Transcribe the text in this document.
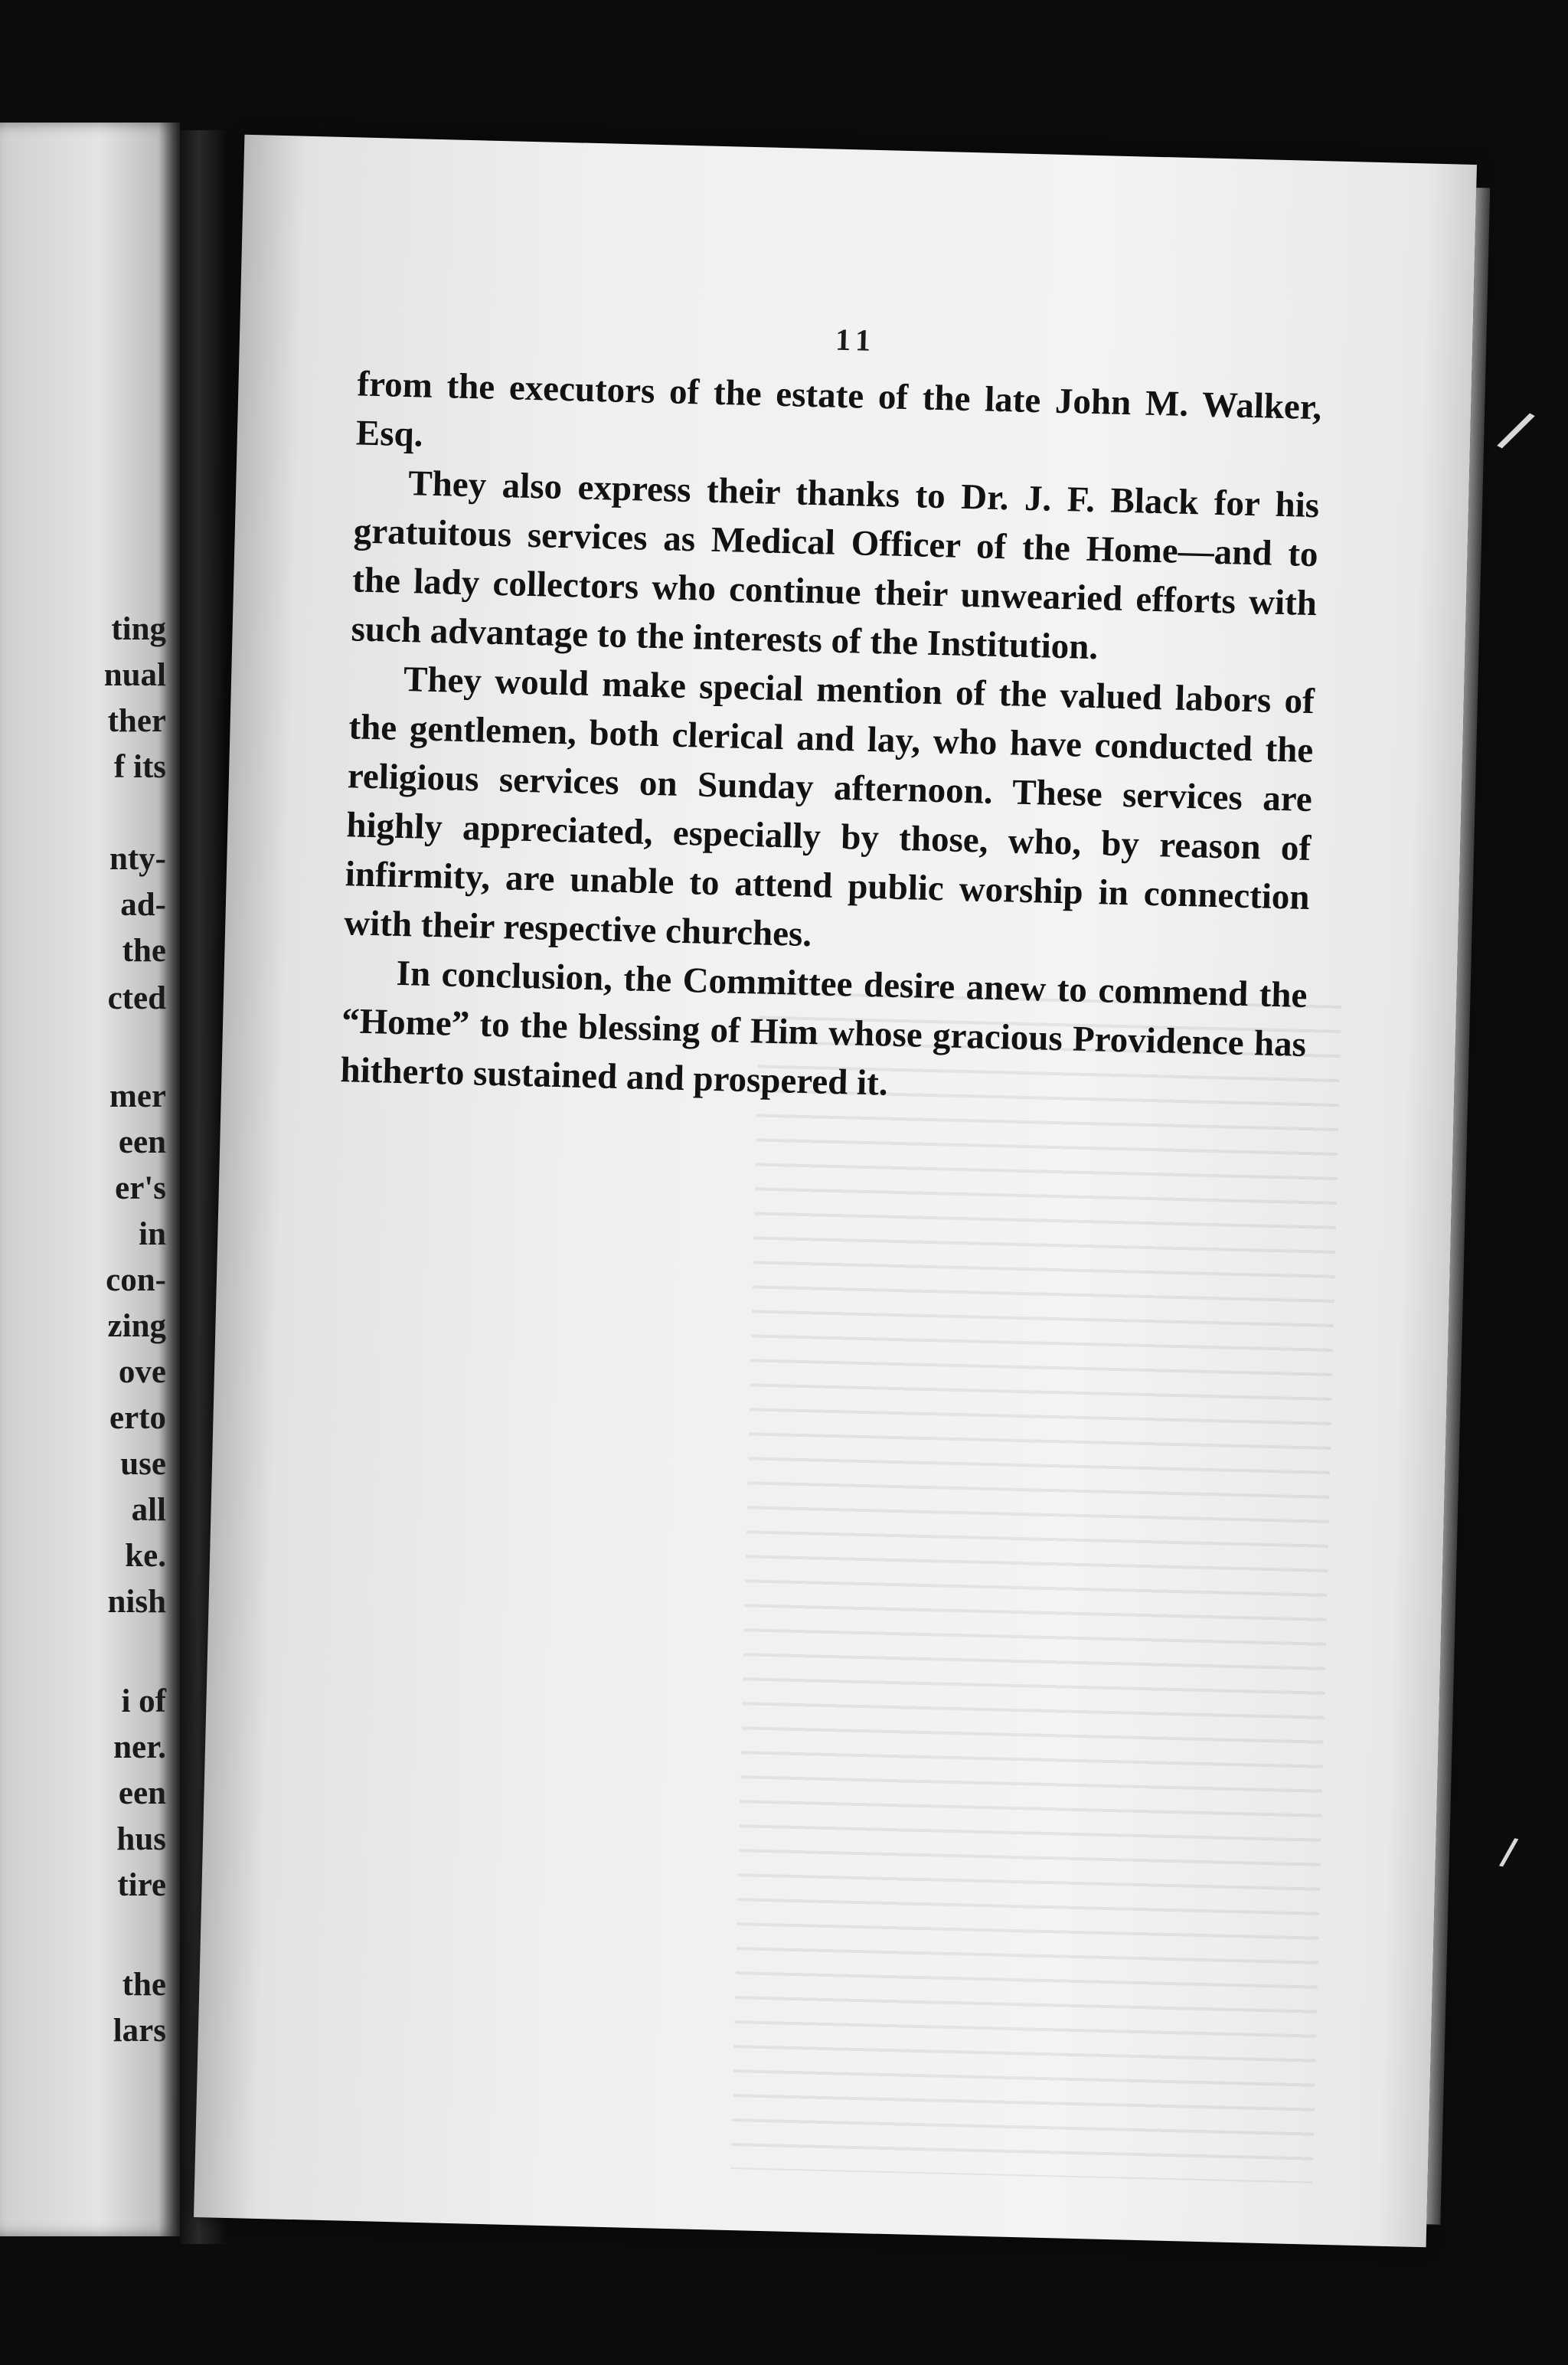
ting
nual
ther
f its
nty-
ad-
the
cted
mer
een
er's
in
con-
zing
ove
erto
use
all
ke.
nish
i of
ner.
een
hus
tire
the
lars
11

from the executors of the estate of the late John M. Walker, Esq.

They also express their thanks to Dr. J. F. Black for his gratuitous services as Medical Officer of the Home—and to the lady collectors who continue their unwearied efforts with such advantage to the interests of the Institution.

They would make special mention of the valued labors of the gentlemen, both clerical and lay, who have conducted the religious services on Sunday afternoon. These services are highly appreciated, especially by those, who, by reason of infirmity, are unable to attend public worship in connection with their respective churches.

In conclusion, the Committee desire anew to commend the “Home” to the blessing of Him whose gracious Providence has hitherto sustained and prospered it.

/
/
